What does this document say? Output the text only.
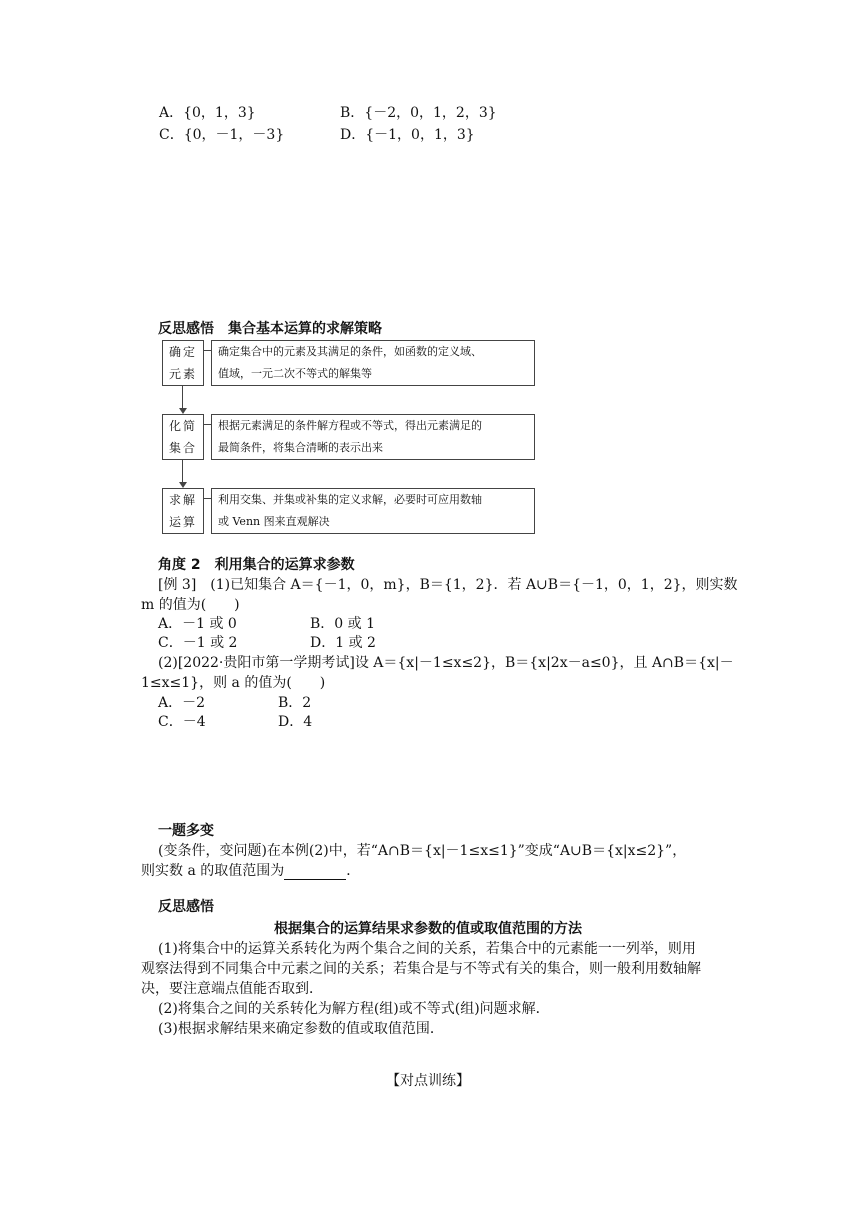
A．{0，1，3}	B．{－2，0，1，2，3}
C．{0，－1，－3}	D．{－1，0，1，3}
反思感悟　集合基本运算的求解策略
确定
元素
确定集合中的元素及其满足的条件，如函数的定义域、
值域，一元二次不等式的解集等
化简
集合
根据元素满足的条件解方程或不等式，得出元素满足的
最简条件，将集合清晰的表示出来
求解
运算
利用交集、并集或补集的定义求解，必要时可应用数轴
或 Venn 图来直观解决
角度 2　利用集合的运算求参数
[例 3]　(1)已知集合 A＝{－1，0，m}，B＝{1，2}．若 A∪B＝{－1，0，1，2}，则实数
m 的值为(　　)
A．－1 或 0	B．0 或 1
C．－1 或 2	D．1 或 2
(2)[2022·贵阳市第一学期考试]设 A＝{x|－1≤x≤2}，B＝{x|2x－a≤0}，且 A∩B＝{x|－
1≤x≤1}，则 a 的值为(　　)
A．－2	B．2
C．－4	D．4
一题多变
(变条件，变问题)在本例(2)中，若“A∩B＝{x|－1≤x≤1}”变成“A∪B＝{x|x≤2}”，
则实数 a 的取值范围为	．
反思感悟
根据集合的运算结果求参数的值或取值范围的方法
(1)将集合中的运算关系转化为两个集合之间的关系，若集合中的元素能一一列举，则用
观察法得到不同集合中元素之间的关系；若集合是与不等式有关的集合，则一般利用数轴解
决，要注意端点值能否取到．
(2)将集合之间的关系转化为解方程(组)或不等式(组)问题求解．
(3)根据求解结果来确定参数的值或取值范围．
【对点训练】
